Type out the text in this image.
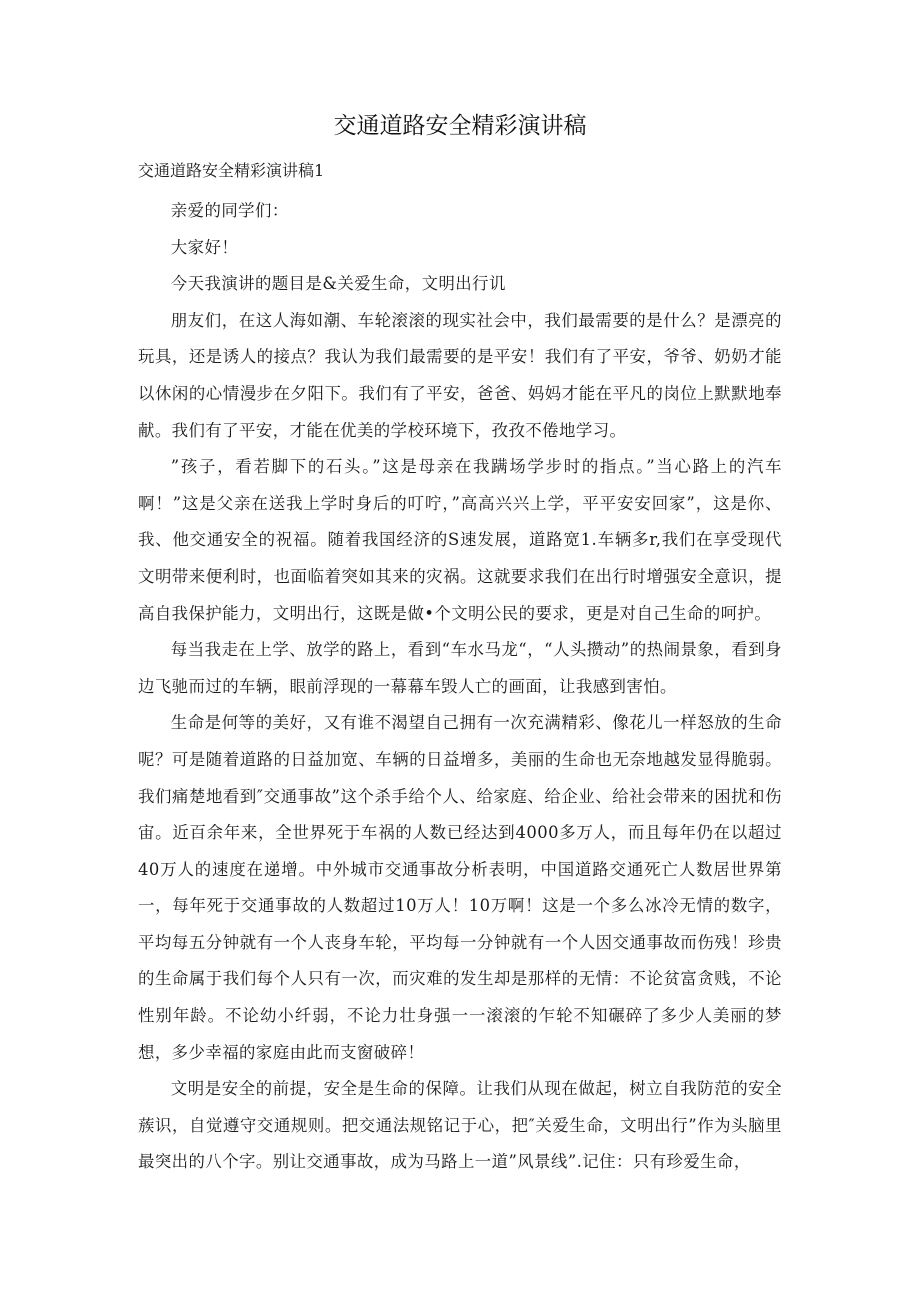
交通道路安全精彩演讲稿

交通道路安全精彩演讲稿1

亲爱的同学们：

大家好！

今天我演讲的题目是&关爱生命，文明出行讥

朋友们，在这人海如潮、车轮滚滚的现实社会中，我们最需要的是什么？是漂亮的玩具，还是诱人的接点？我认为我们最需要的是平安！我们有了平安，爷爷、奶奶才能以休闲的心情漫步在夕阳下。我们有了平安，爸爸、妈妈才能在平凡的岗位上默默地奉献。我们有了平安，才能在优美的学校环境下，孜孜不倦地学习。

”孩子，看若脚下的石头。”这是母亲在我蹒场学步时的指点。”当心路上的汽车啊！”这是父亲在送我上学时身后的叮咛，”高高兴兴上学，平平安安回家”，这是你、我、他交通安全的祝福。随着我国经济的S速发展，道路宽1.车辆多r,我们在享受现代文明带来便利时，也面临着突如其来的灾祸。这就要求我们在出行时增强安全意识，提高自我保护能力，文明出行，这既是做•个文明公民的要求，更是对自己生命的呵护。

每当我走在上学、放学的路上，看到“车水马龙“，“人头攒动”的热闹景象，看到身边飞驰而过的车辆，眼前浮现的一幕幕车毁人亡的画面，让我感到害怕。

生命是何等的美好，又有谁不渴望自己拥有一次充满精彩、像花儿一样怒放的生命呢？可是随着道路的日益加宽、车辆的日益增多，美丽的生命也无奈地越发显得脆弱。我们痛楚地看到″交通事故”这个杀手给个人、给家庭、给企业、给社会带来的困扰和伤宙。近百余年来，全世界死于车祸的人数已经达到4000多万人，而且每年仍在以超过40万人的速度在递增。中外城市交通事故分析表明，中国道路交通死亡人数居世界第一，每年死于交通事故的人数超过10万人！10万啊！这是一个多么冰冷无情的数字，平均每五分钟就有一个人丧身车轮，平均每一分钟就有一个人因交通事故而伤残！珍贵的生命属于我们每个人只有一次，而灾难的发生却是那样的无情：不论贫富贪贱，不论性别年龄。不论幼小纤弱，不论力壮身强一一滚滚的乍轮不知碾碎了多少人美丽的梦想，多少幸福的家庭由此而支窗破碎！

文明是安全的前提，安全是生命的保障。让我们从现在做起，树立自我防范的安全蔟识，自觉遵守交通规则。把交通法规铭记于心，把″关爱生命，文明出行”作为头脑里最突出的八个字。别让交通事故，成为马路上一道”风景线”.记住：只有珍爱生命，
